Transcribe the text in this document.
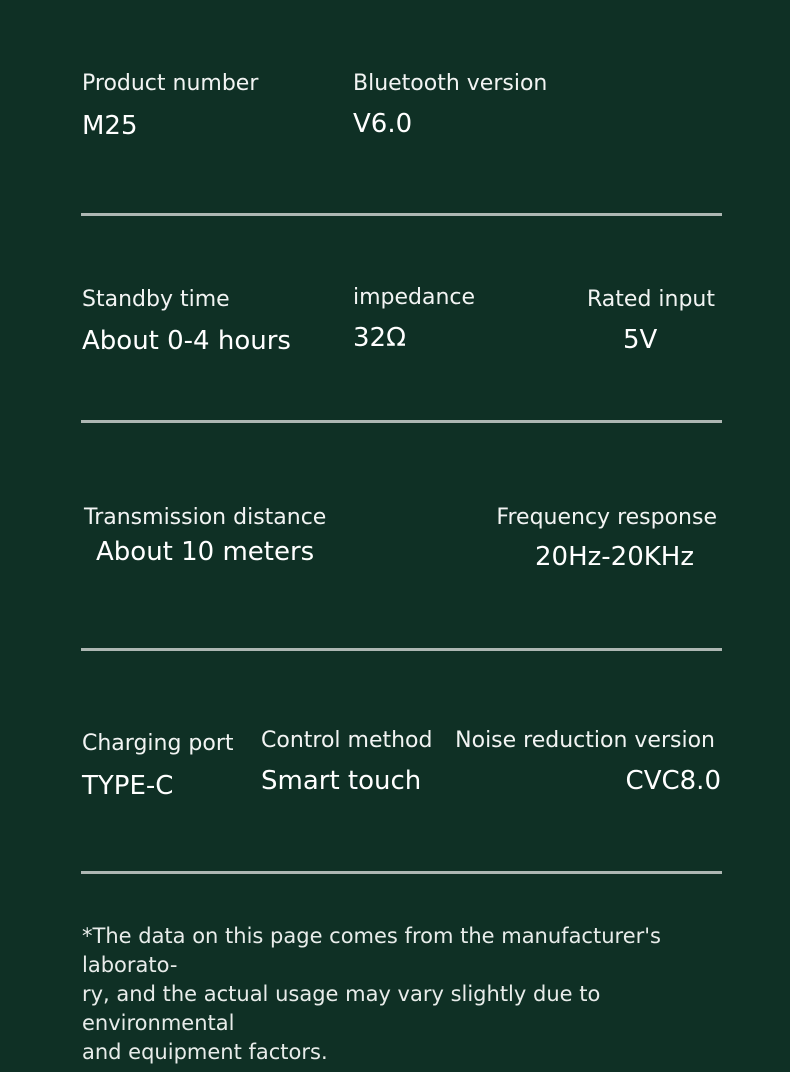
Product number
M25
Bluetooth version
V6.0
Standby time
About 0-4 hours
impedance
32Ω
Rated input
5V
Transmission distance
About 10 meters
Frequency response
20Hz-20KHz
Charging port
TYPE-C
Control method
Smart touch
Noise reduction version
CVC8.0
*The data on this page comes from the manufacturer's laborato-
ry, and the actual usage may vary slightly due to environmental
and equipment factors.
